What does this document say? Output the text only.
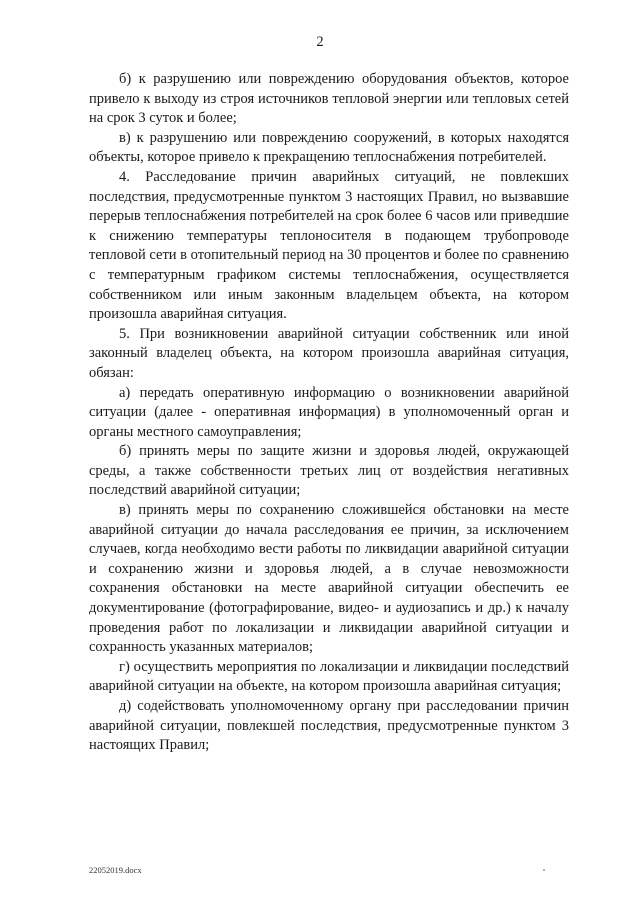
2

б) к разрушению или повреждению оборудования объектов, которое привело к выходу из строя источников тепловой энергии или тепловых сетей на срок 3 суток и более;

в) к разрушению или повреждению сооружений, в которых находятся объекты, которое привело к прекращению теплоснабжения потребителей.

4. Расследование причин аварийных ситуаций, не повлекших последствия, предусмотренные пунктом 3 настоящих Правил, но вызвавшие перерыв теплоснабжения потребителей на срок более 6 часов или приведшие к снижению температуры теплоносителя в подающем трубопроводе тепловой сети в отопительный период на 30 процентов и более по сравнению с температурным графиком системы теплоснабжения, осуществляется собственником или иным законным владельцем объекта, на котором произошла аварийная ситуация.

5. При возникновении аварийной ситуации собственник или иной законный владелец объекта, на котором произошла аварийная ситуация, обязан:

а) передать оперативную информацию о возникновении аварийной ситуации (далее - оперативная информация) в уполномоченный орган и органы местного самоуправления;

б) принять меры по защите жизни и здоровья людей, окружающей среды, а также собственности третьих лиц от воздействия негативных последствий аварийной ситуации;

в) принять меры по сохранению сложившейся обстановки на месте аварийной ситуации до начала расследования ее причин, за исключением случаев, когда необходимо вести работы по ликвидации аварийной ситуации и сохранению жизни и здоровья людей, а в случае невозможности сохранения обстановки на месте аварийной ситуации обеспечить ее документирование (фотографирование, видео- и аудиозапись и др.) к началу проведения работ по локализации и ликвидации аварийной ситуации и сохранность указанных материалов;

г) осуществить мероприятия по локализации и ликвидации последствий аварийной ситуации на объекте, на котором произошла аварийная ситуация;

д) содействовать уполномоченному органу при расследовании причин аварийной ситуации, повлекшей последствия, предусмотренные пунктом 3 настоящих Правил;

22052019.docx
